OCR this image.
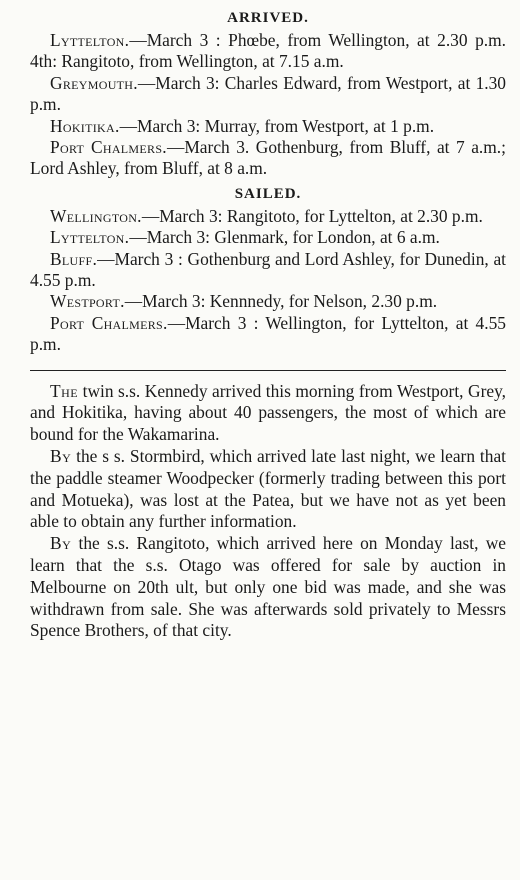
ARRIVED.

Lyttelton.—March 3 : Phœbe, from Wellington, at 2.30 p.m. 4th: Rangitoto, from Wellington, at 7.15 a.m.

Greymouth.—March 3: Charles Edward, from Westport, at 1.30 p.m.

Hokitika.—March 3: Murray, from Westport, at 1 p.m.

Port Chalmers.—March 3. Gothenburg, from Bluff, at 7 a.m.; Lord Ashley, from Bluff, at 8 a.m.

SAILED.

Wellington.—March 3: Rangitoto, for Lyttelton, at 2.30 p.m.

Lyttelton.—March 3: Glenmark, for London, at 6 a.m.

Bluff.—March 3 : Gothenburg and Lord Ashley, for Dunedin, at 4.55 p.m.

Westport.—March 3: Kennnedy, for Nelson, 2.30 p.m.

Port Chalmers.—March 3 : Wellington, for Lyttelton, at 4.55 p.m.

The twin s.s. Kennedy arrived this morning from Westport, Grey, and Hokitika, having about 40 passengers, the most of which are bound for the Wakamarina.

By the s s. Stormbird, which arrived late last night, we learn that the paddle steamer Woodpecker (formerly trading between this port and Motueka), was lost at the Patea, but we have not as yet been able to obtain any further information.

By the s.s. Rangitoto, which arrived here on Monday last, we learn that the s.s. Otago was offered for sale by auction in Melbourne on 20th ult, but only one bid was made, and she was withdrawn from sale. She was afterwards sold privately to Messrs Spence Brothers, of that city.
